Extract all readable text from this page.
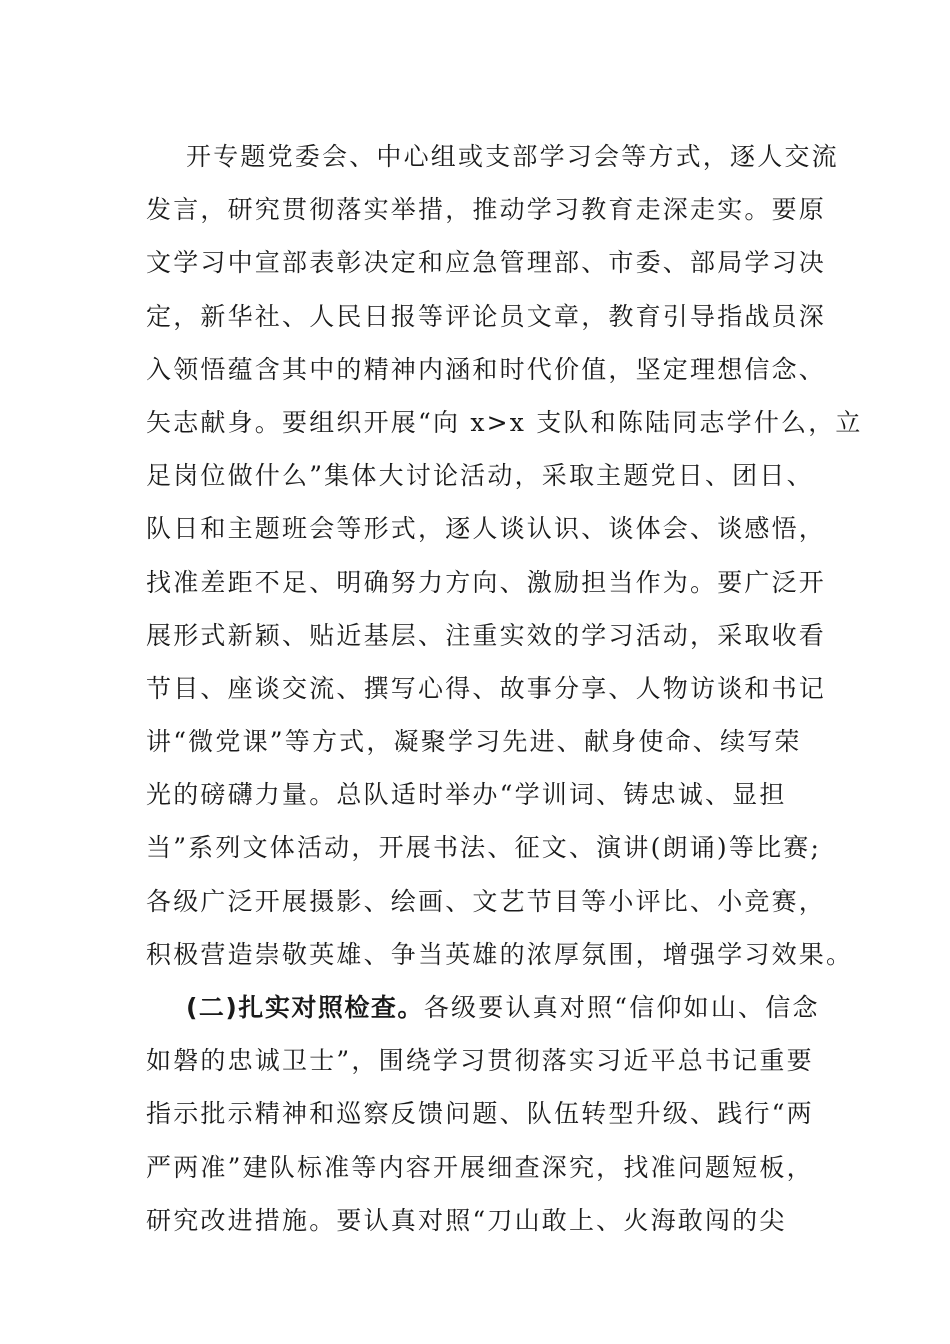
开专题党委会、中心组或支部学习会等方式，逐人交流
发言，研究贯彻落实举措，推动学习教育走深走实。要原
文学习中宣部表彰决定和应急管理部、市委、部局学习决
定，新华社、人民日报等评论员文章，教育引导指战员深
入领悟蕴含其中的精神内涵和时代价值，坚定理想信念、
矢志献身。要组织开展“向 x>x 支队和陈陆同志学什么，立
足岗位做什么”集体大讨论活动，采取主题党日、团日、
队日和主题班会等形式，逐人谈认识、谈体会、谈感悟，
找准差距不足、明确努力方向、激励担当作为。要广泛开
展形式新颖、贴近基层、注重实效的学习活动，采取收看
节目、座谈交流、撰写心得、故事分享、人物访谈和书记
讲“微党课”等方式，凝聚学习先进、献身使命、续写荣
光的磅礴力量。总队适时举办“学训词、铸忠诚、显担
当”系列文体活动，开展书法、征文、演讲(朗诵)等比赛;
各级广泛开展摄影、绘画、文艺节目等小评比、小竞赛，
积极营造崇敬英雄、争当英雄的浓厚氛围，增强学习效果。
(二)扎实对照检查。各级要认真对照“信仰如山、信念
如磐的忠诚卫士”，围绕学习贯彻落实习近平总书记重要
指示批示精神和巡察反馈问题、队伍转型升级、践行“两
严两准”建队标准等内容开展细查深究，找准问题短板，
研究改进措施。要认真对照“刀山敢上、火海敢闯的尖
